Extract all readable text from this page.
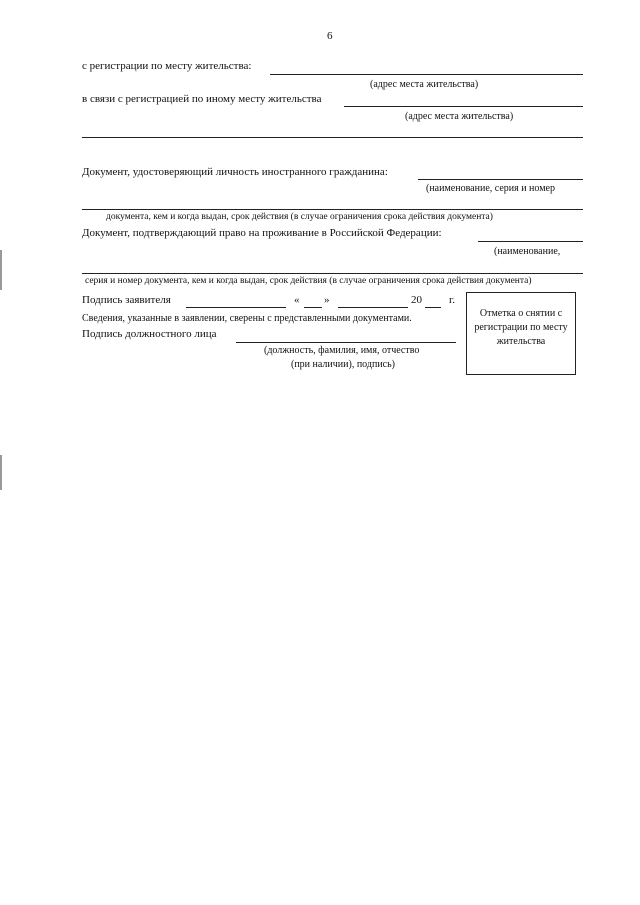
6
с регистрации по месту жительства:
(адрес места жительства)
в связи с регистрацией по иному месту жительства
(адрес места жительства)
Документ, удостоверяющий личность иностранного гражданина:
(наименование, серия и номер
документа, кем и когда выдан, срок действия (в случае ограничения срока действия документа)
Документ, подтверждающий право на проживание в Российской Федерации:
(наименование,
серия и номер документа, кем и когда выдан, срок действия (в случае ограничения срока действия документа)
Подпись заявителя	« »	20 г.
Сведения, указанные в заявлении, сверены с представленными документами.
Подпись должностного лица
(должность, фамилия, имя, отчество
(при наличии), подпись)
Отметка о снятии с регистрации по месту жительства
